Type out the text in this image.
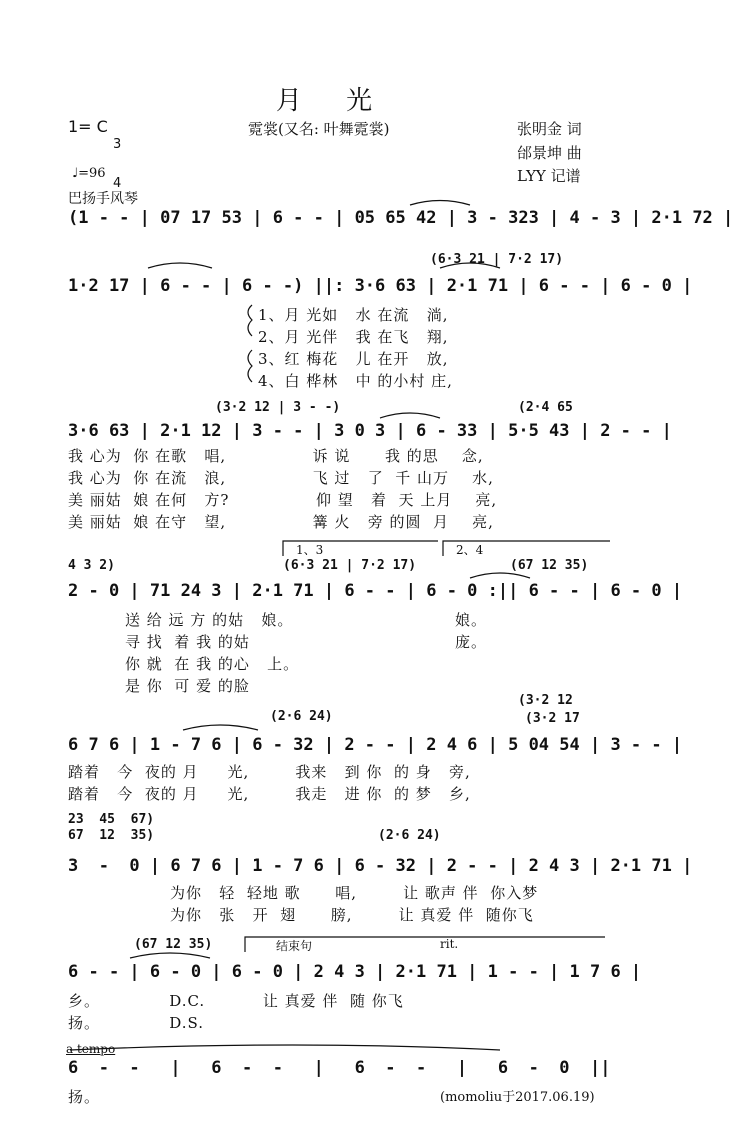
月 光
1= C

3

4

霓裳(又名: 叶舞霓裳)	张明金 词
邰景坤 曲
LYY 记谱
♩=96
巴扬手风琴
(1 - - | 07 17 53 | 6 - - | 05 65 42 | 3 - 323 | 4 - 3 | 2·1 72 |
(6·3 21 | 7·2 17)
1·2 17 | 6 - - | 6 - -) ||: 3·6 63 | 2·1 71 | 6 - - | 6 - 0 |
1、月 光如   水 在流   淌,
2、月 光伴   我 在飞   翔,
3、红 梅花   儿 在开   放,
4、白 桦林   中 的小村 庄,
(3·2 12 | 3 - -)	(2·4 65
3·6 63 | 2·1 12 | 3 - - | 3 0 3 | 6 - 33 | 5·5 43 | 2 - - |
我 心为  你 在歌   唱,               诉 说      我 的思    念,
我 心为  你 在流   浪,               飞 过   了  千 山万    水,
美 丽姑  娘 在何   方?               仰 望   着  天 上月    亮,
美 丽姑  娘 在守   望,               篝 火   旁 的圆  月    亮,
4 3 2)
1、3	2、4
(6·3 21 | 7·2 17)	(67 12 35)
2 - 0 | 71 24 3 | 2·1 71 | 6 - - | 6 - 0 :|| 6 - - | 6 - 0 |
送 给 远 方 的姑   娘。
寻 找  着 我 的姑
你 就  在 我 的心   上。
是 你  可 爱 的脸
娘。
庞。
(2·6 24)
(3·2 12
(3·2 17
6 7 6 | 1 - 7 6 | 6 - 32 | 2 - - | 2 4 6 | 5 04 54 | 3 - - |
踏着   今  夜的 月     光,        我来   到 你  的 身   旁,
踏着   今  夜的 月     光,        我走   进 你  的 梦   乡,
23  45  67)
67  12  35)	(2·6 24)
3  -  0 | 6 7 6 | 1 - 7 6 | 6 - 32 | 2 - - | 2 4 3 | 2·1 71 |
为你   轻  轻地 歌      唱,        让 歌声 伴  你入梦
为你   张   开  翅      膀,        让 真爱 伴  随你飞
(67 12 35)	结束句	rit.
6 - - | 6 - 0 | 6 - 0 | 2 4 3 | 2·1 71 | 1 - - | 1 7 6 |
乡。            D.C.          让 真爱 伴  随 你飞
扬。            D.S.
a tempo
6  -  -   |   6  -  -   |   6  -  -   |   6  -  0  ||
扬。	(momoliu于2017.06.19)
